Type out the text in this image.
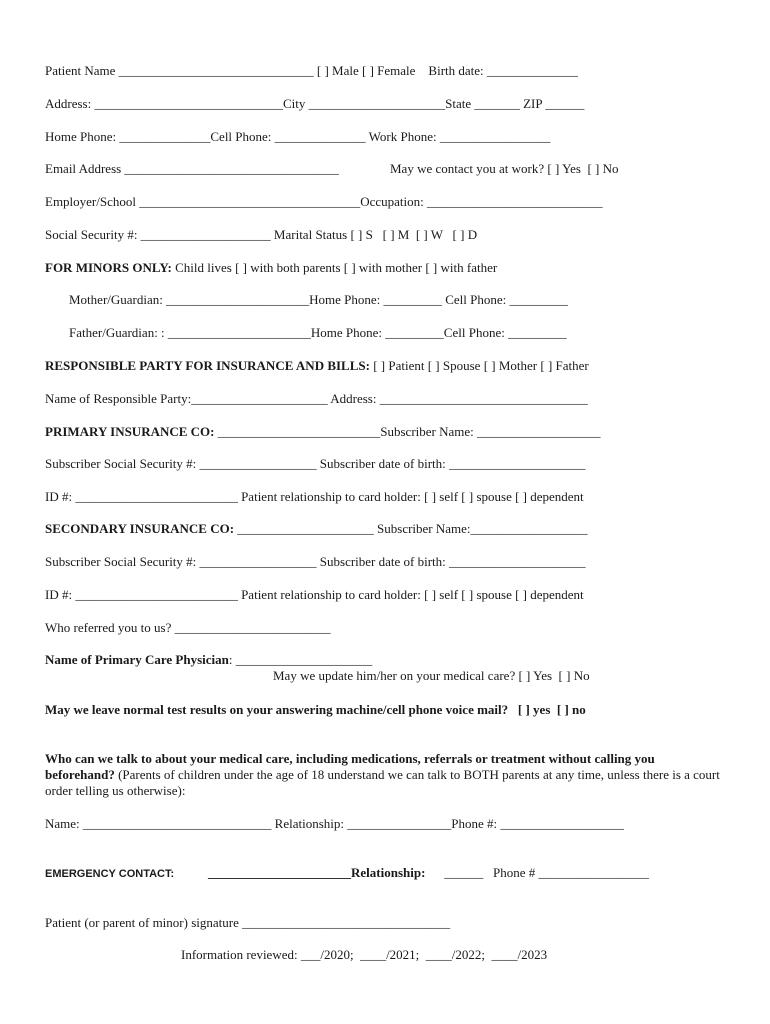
Patient Name ______________________________ [ ] Male [ ] Female    Birth date: ______________
Address: _____________________________City _____________________State _______ ZIP ______
Home Phone: ______________Cell Phone: ______________ Work Phone: _________________
Email Address _________________________________	May we contact you at work? [ ] Yes  [ ] No
Employer/School __________________________________Occupation: ___________________________
Social Security #: ____________________ Marital Status [ ] S   [ ] M  [ ] W   [ ] D
FOR MINORS ONLY: Child lives [ ] with both parents [ ] with mother [ ] with father
Mother/Guardian: ______________________Home Phone: _________ Cell Phone: _________
Father/Guardian: : ______________________Home Phone: _________Cell Phone: _________
RESPONSIBLE PARTY FOR INSURANCE AND BILLS: [ ] Patient [ ] Spouse [ ] Mother [ ] Father
Name of Responsible Party:_____________________ Address: ________________________________
PRIMARY INSURANCE CO: _________________________Subscriber Name: ___________________
Subscriber Social Security #: __________________ Subscriber date of birth: _____________________
ID #: _________________________ Patient relationship to card holder: [ ] self [ ] spouse [ ] dependent
SECONDARY INSURANCE CO: _____________________ Subscriber Name:__________________
Subscriber Social Security #: __________________ Subscriber date of birth: _____________________
ID #: _________________________ Patient relationship to card holder: [ ] self [ ] spouse [ ] dependent
Who referred you to us? ________________________
Name of Primary Care Physician: _____________________
May we update him/her on your medical care? [ ] Yes  [ ] No
May we leave normal test results on your answering machine/cell phone voice mail?   [ ] yes  [ ] no
Who can we talk to about your medical care, including medications, referrals or treatment without calling you beforehand? (Parents of children under the age of 18 understand we can talk to BOTH parents at any time, unless there is a court order telling us otherwise):
Name: _____________________________ Relationship: ________________Phone #: ___________________
EMERGENCY CONTACT:	______________________Relationship: ______   Phone # _________________
Patient (or parent of minor) signature ________________________________
Information reviewed: ___/2020;  ____/2021;  ____/2022;  ____/2023
